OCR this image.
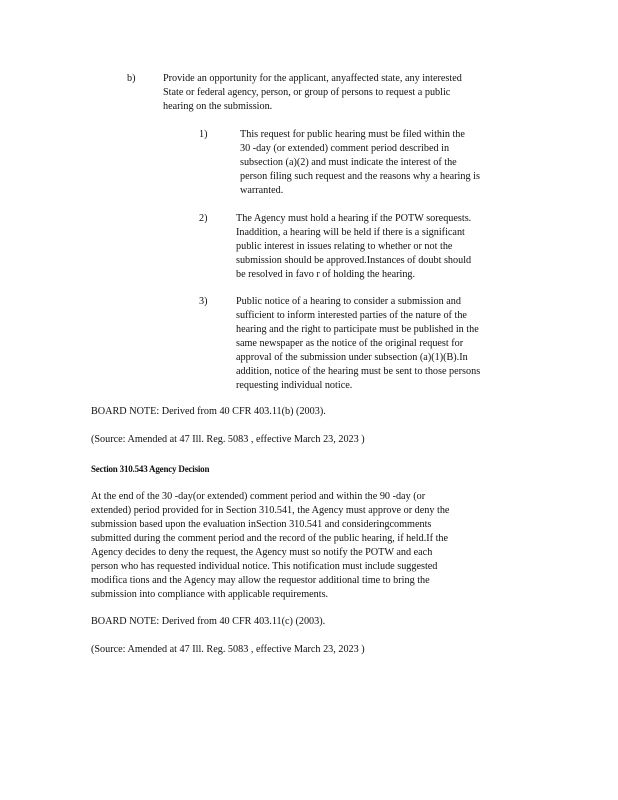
b)	Provide an opportunity for the applicant, anyaffected state, any interested
State or federal agency, person, or group of persons to request a public
hearing on the submission.
1)	This request for public hearing must be filed within the
30 -day (or extended) comment period described in
subsection (a)(2) and must indicate the interest of the
person filing such request and the reasons why a hearing is
warranted.
2)	The Agency must hold a hearing if the POTW sorequests.
Inaddition, a hearing will be held if there is a significant
public interest in issues relating to whether or not the
submission should be approved.Instances of doubt should
be resolved in favo r of holding the hearing.
3)	Public notice of a hearing to consider a submission and
sufficient to inform interested parties of the nature of the
hearing and the right to participate must be published in the
same newspaper as the notice of the original request for
approval of the submission under subsection (a)(1)(B).In
addition, notice of the hearing must be sent to those persons
requesting individual notice.
BOARD NOTE: Derived from 40 CFR 403.11(b) (2003).
(Source: Amended at 47 Ill. Reg. 5083 , effective March 23, 2023 )
Section 310.543 Agency Decision
At the end of the 30 -day(or extended) comment period and within the 90 -day (or
extended) period provided for in Section 310.541, the Agency must approve or deny the
submission based upon the evaluation inSection 310.541 and consideringcomments
submitted during the comment period and the record of the public hearing, if held.If the
Agency decides to deny the request, the Agency must so notify the POTW and each
person who has requested individual notice. This notification must include suggested
modifica tions and the Agency may allow the requestor additional time to bring the
submission into compliance with applicable requirements.
BOARD NOTE: Derived from 40 CFR 403.11(c) (2003).
(Source: Amended at 47 Ill. Reg. 5083 , effective March 23, 2023 )
